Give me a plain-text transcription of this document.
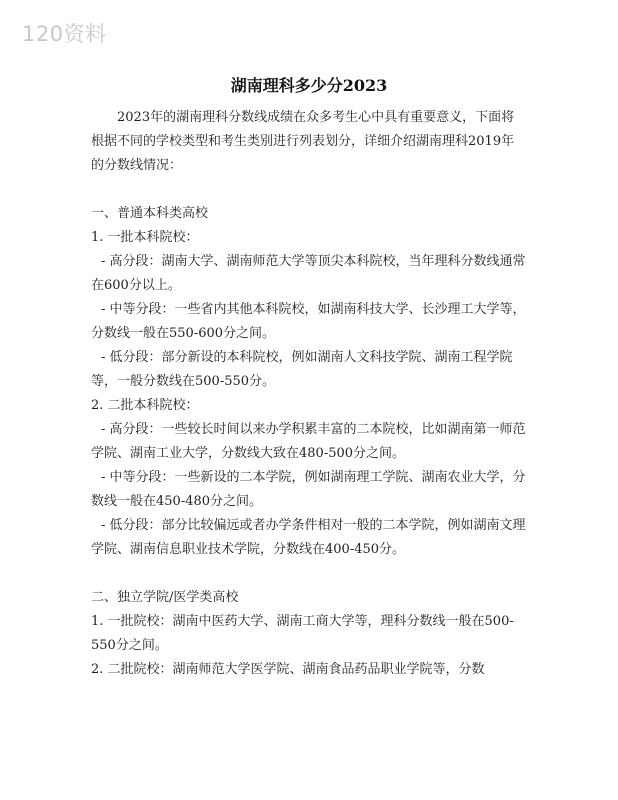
120资料
湖南理科多少分2023

2023年的湖南理科分数线成绩在众多考生心中具有重要意义，下面将根据不同的学校类型和考生类别进行列表划分，详细介绍湖南理科2019年的分数线情况：

一、普通本科类高校

1. 一批本科院校：

- 高分段：湖南大学、湖南师范大学等顶尖本科院校，当年理科分数线通常在600分以上。

- 中等分段：一些省内其他本科院校，如湖南科技大学、长沙理工大学等，分数线一般在550-600分之间。

- 低分段：部分新设的本科院校，例如湖南人文科技学院、湖南工程学院等，一般分数线在500-550分。

2. 二批本科院校：

- 高分段：一些较长时间以来办学积累丰富的二本院校，比如湖南第一师范学院、湖南工业大学，分数线大致在480-500分之间。

- 中等分段：一些新设的二本学院，例如湖南理工学院、湖南农业大学，分数线一般在450-480分之间。

- 低分段：部分比较偏远或者办学条件相对一般的二本学院，例如湖南文理学院、湖南信息职业技术学院，分数线在400-450分。

二、独立学院/医学类高校

1. 一批院校：湖南中医药大学、湖南工商大学等，理科分数线一般在500-550分之间。

2. 二批院校：湖南师范大学医学院、湖南食品药品职业学院等，分数
